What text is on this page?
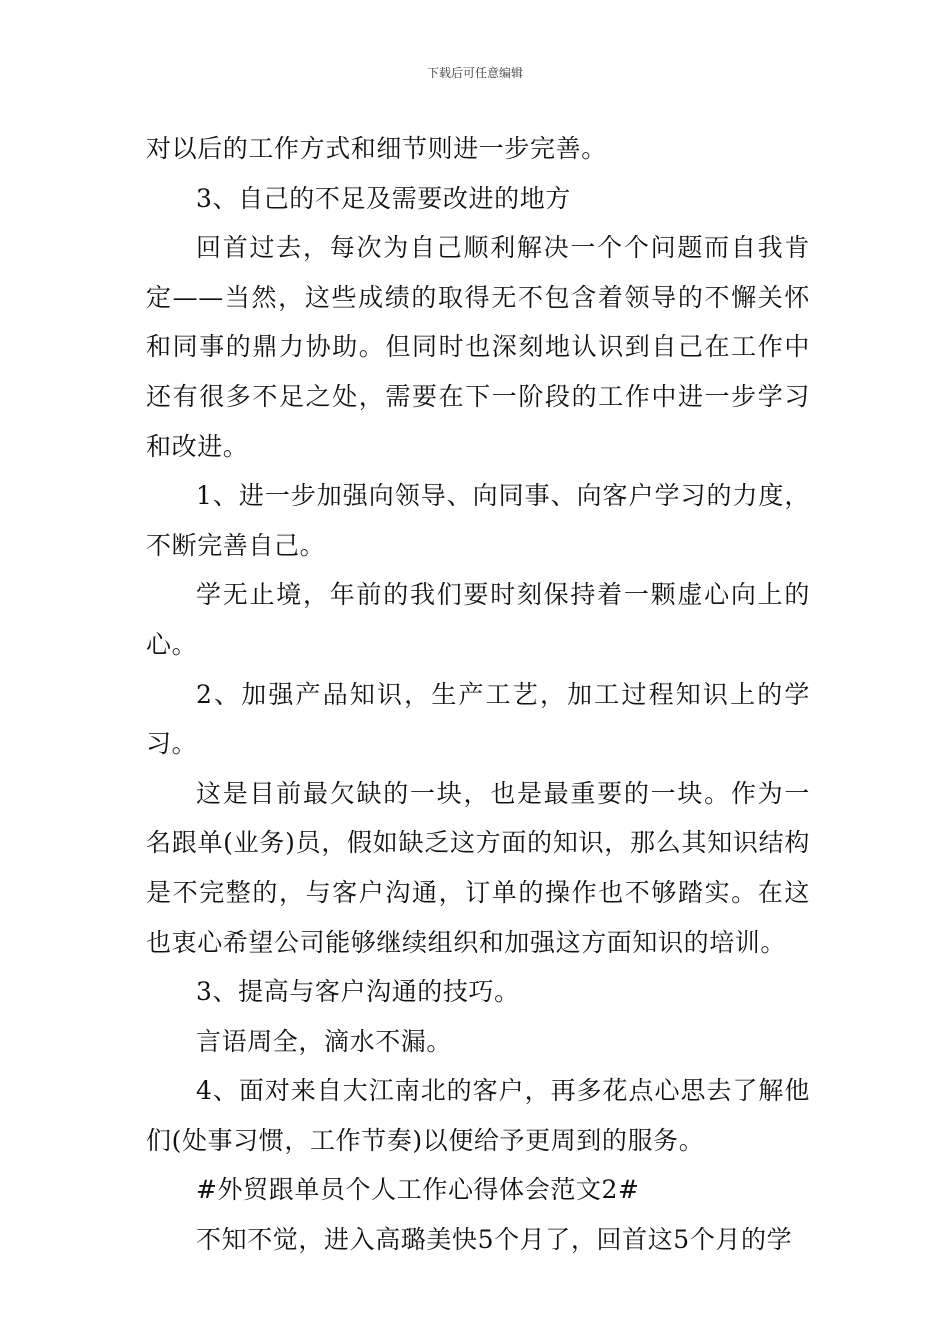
下载后可任意编辑

对以后的工作方式和细节则进一步完善。

3、自己的不足及需要改进的地方

回首过去，每次为自己顺利解决一个个问题而自我肯定——当然，这些成绩的取得无不包含着领导的不懈关怀和同事的鼎力协助。但同时也深刻地认识到自己在工作中还有很多不足之处，需要在下一阶段的工作中进一步学习和改进。

1、进一步加强向领导、向同事、向客户学习的力度，不断完善自己。

学无止境，年前的我们要时刻保持着一颗虚心向上的心。

2、加强产品知识，生产工艺，加工过程知识上的学习。

这是目前最欠缺的一块，也是最重要的一块。作为一名跟单(业务)员，假如缺乏这方面的知识，那么其知识结构是不完整的，与客户沟通，订单的操作也不够踏实。在这也衷心希望公司能够继续组织和加强这方面知识的培训。

3、提高与客户沟通的技巧。

言语周全，滴水不漏。

4、面对来自大江南北的客户，再多花点心思去了解他们(处事习惯，工作节奏)以便给予更周到的服务。

#外贸跟单员个人工作心得体会范文2#

不知不觉，进入高璐美快5个月了，回首这5个月的学
